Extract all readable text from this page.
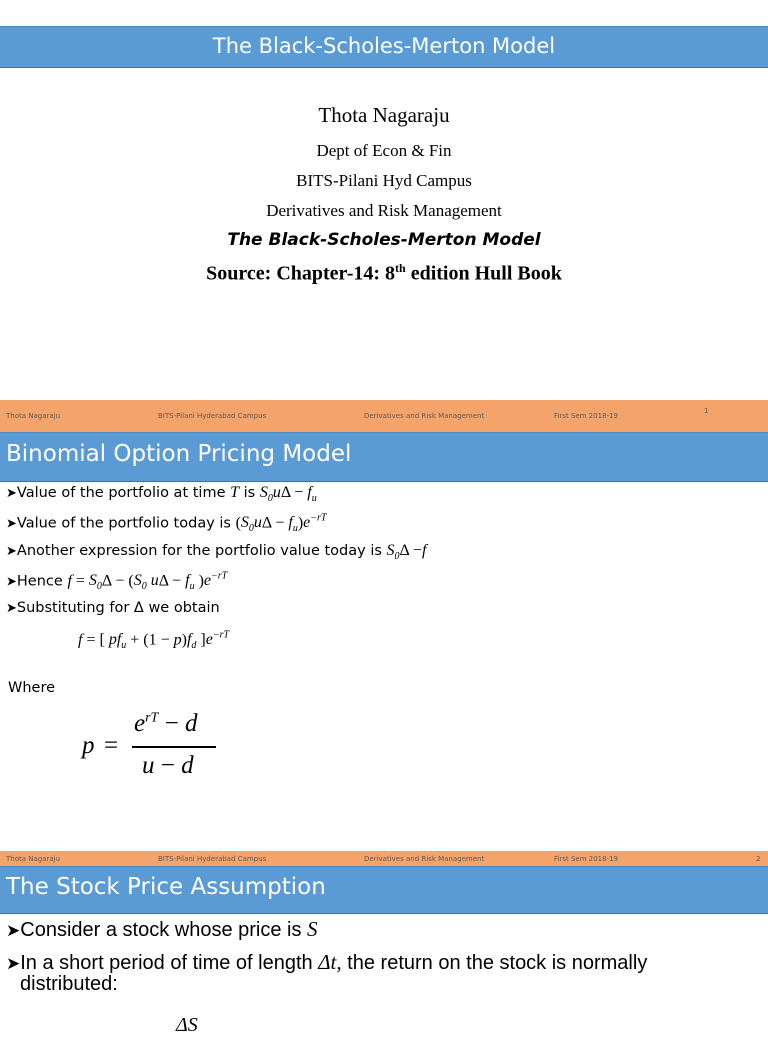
The Black-Scholes-Merton Model
Thota Nagaraju
Dept of Econ & Fin
BITS-Pilani Hyd Campus
Derivatives and Risk Management
The Black-Scholes-Merton Model
Source: Chapter-14: 8th edition Hull Book
Thota Nagaraju	BITS-Pilani Hyderabad Campus	Derivatives and Risk Management	First Sem 2018-19
1
Binomial Option Pricing Model
➤Value of the portfolio at time T is $S_0u\Delta - f_u$
➤Value of the portfolio today is $(S_0u\Delta - f_u)e^{-rT}$
➤Another expression for the portfolio value today is $S_0\Delta -f$
➤Hence $f = S_0\Delta - (S_0$ $u\Delta - f_u$ )$e^{-rT}$
➤Substituting for Δ we obtain
f = [ $pf_u + (1 - p)f_d$ ]$e^{-rT}$
Where
p =
$e^{rT} - d$
u − d
Thota Nagaraju	BITS-Pilani Hyderabad Campus	Derivatives and Risk Management	First Sem 2018-19	2
The Stock Price Assumption
➤Consider a stock whose price is S
➤In a short period of time of length Δt, the return on the stock is normally
distributed:
ΔS
